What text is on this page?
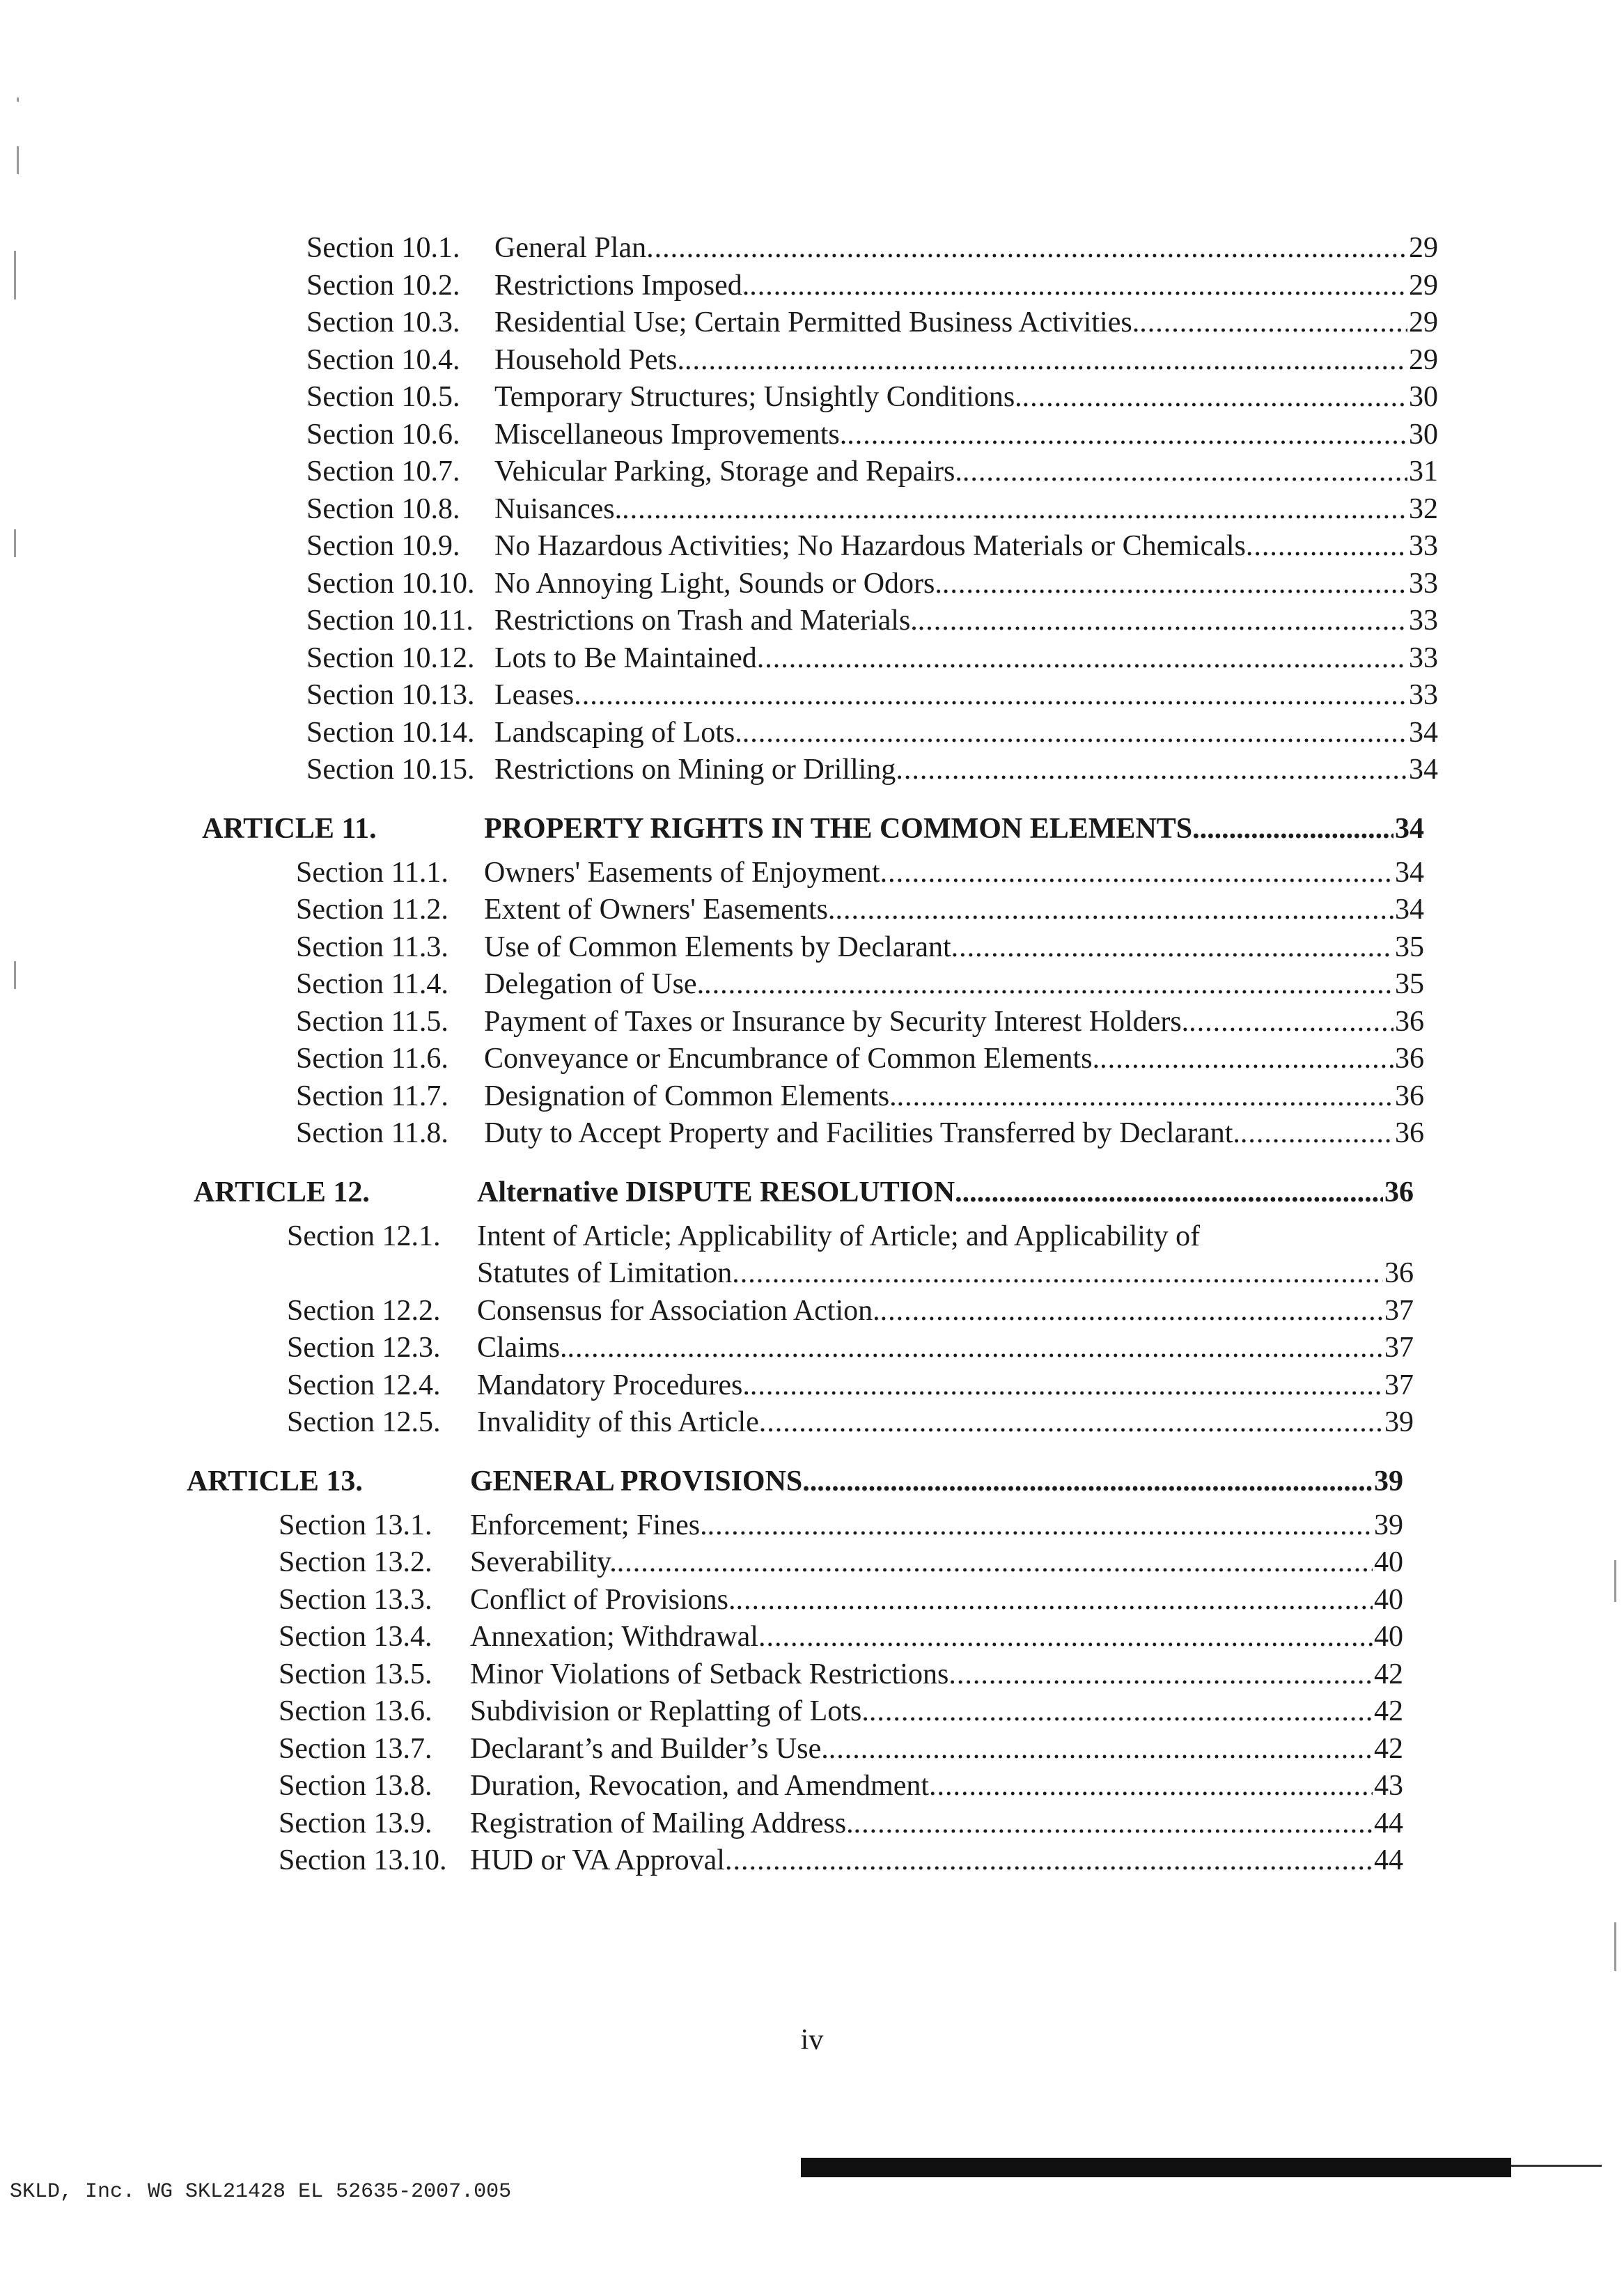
Section 10.1. General Plan .....	29
Section 10.2. Restrictions Imposed. .....	29
Section 10.3. Residential Use; Certain Permitted Business Activities. .....	29
Section 10.4. Household Pets. .....	29
Section 10.5. Temporary Structures; Unsightly Conditions. .....	30
Section 10.6. Miscellaneous Improvements. .....	30
Section 10.7. Vehicular Parking, Storage and Repairs. .....	31
Section 10.8. Nuisances. .....	32
Section 10.9. No Hazardous Activities; No Hazardous Materials or Chemicals .....	33
Section 10.10. No Annoying Light, Sounds or Odors. .....	33
Section 10.11. Restrictions on Trash and Materials. .....	33
Section 10.12. Lots to Be Maintained .....	33
Section 10.13. Leases .....	33
Section 10.14. Landscaping of Lots. .....	34
Section 10.15. Restrictions on Mining or Drilling .....	34
ARTICLE 11.	PROPERTY RIGHTS IN THE COMMON ELEMENTS .....	34
Section 11.1. Owners' Easements of Enjoyment .....	34
Section 11.2. Extent of Owners' Easements. .....	34
Section 11.3. Use of Common Elements by Declarant .....	35
Section 11.4. Delegation of Use. .....	35
Section 11.5. Payment of Taxes or Insurance by Security Interest Holders. .....	36
Section 11.6. Conveyance or Encumbrance of Common Elements. .....	36
Section 11.7. Designation of Common Elements. .....	36
Section 11.8. Duty to Accept Property and Facilities Transferred by Declarant. .....	36
ARTICLE 12.	Alternative DISPUTE RESOLUTION .....	36
Section 12.1. Intent of Article; Applicability of Article; and Applicability of
Statutes of Limitation .....	36
Section 12.2. Consensus for Association Action. .....	37
Section 12.3. Claims. .....	37
Section 12.4. Mandatory Procedures. .....	37
Section 12.5. Invalidity of this Article .....	39
ARTICLE 13.	GENERAL PROVISIONS .....	39
Section 13.1. Enforcement; Fines. .....	39
Section 13.2. Severability. .....	40
Section 13.3. Conflict of Provisions. .....	40
Section 13.4. Annexation; Withdrawal .....	40
Section 13.5. Minor Violations of Setback Restrictions .....	42
Section 13.6. Subdivision or Replatting of Lots. .....	42
Section 13.7. Declarant’s and Builder’s Use. .....	42
Section 13.8. Duration, Revocation, and Amendment .....	43
Section 13.9. Registration of Mailing Address. .....	44
Section 13.10. HUD or VA Approval .....	44
iv
SKLD, Inc. WG SKL21428 EL 52635-2007.005
